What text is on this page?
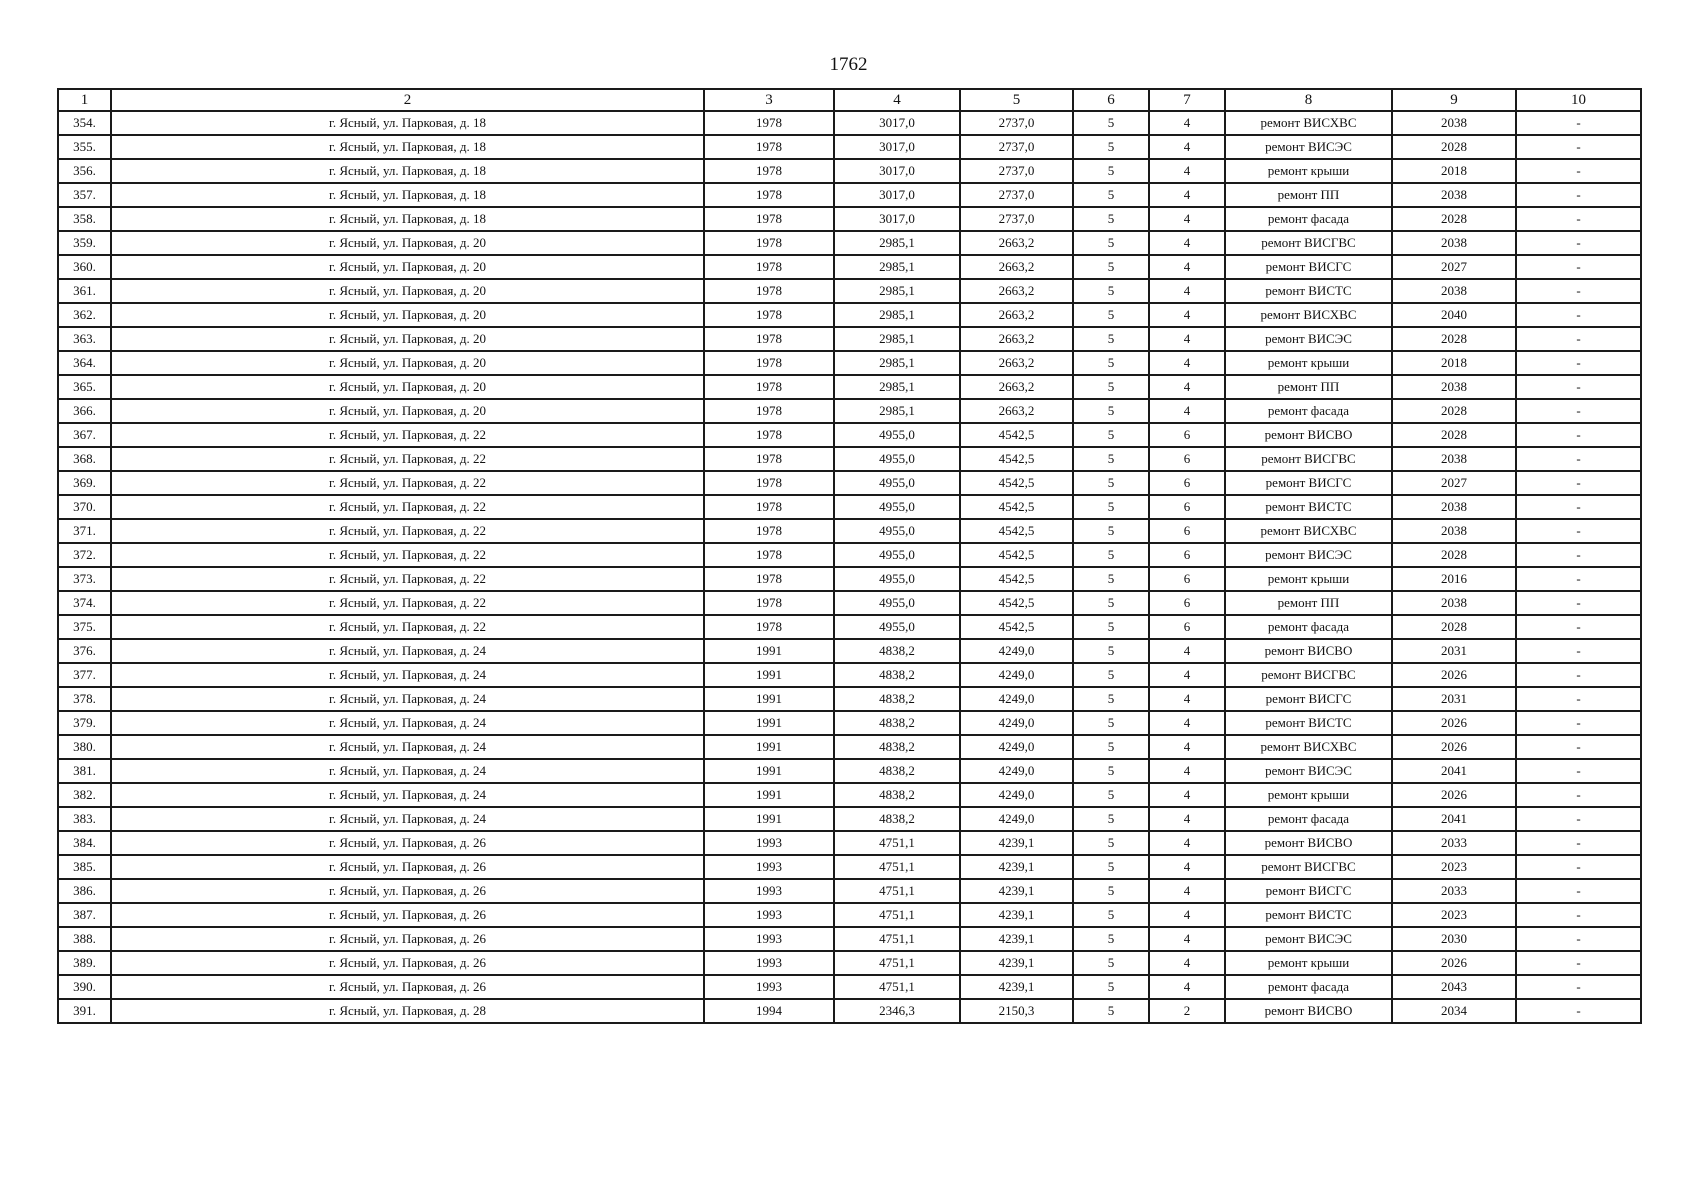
1762
1	2	3	4	5	6	7	8	9	10
354.	г. Ясный, ул. Парковая, д. 18	1978	3017,0	2737,0	5	4	ремонт ВИСХВС	2038	-
355.	г. Ясный, ул. Парковая, д. 18	1978	3017,0	2737,0	5	4	ремонт ВИСЭС	2028	-
356.	г. Ясный, ул. Парковая, д. 18	1978	3017,0	2737,0	5	4	ремонт крыши	2018	-
357.	г. Ясный, ул. Парковая, д. 18	1978	3017,0	2737,0	5	4	ремонт ПП	2038	-
358.	г. Ясный, ул. Парковая, д. 18	1978	3017,0	2737,0	5	4	ремонт фасада	2028	-
359.	г. Ясный, ул. Парковая, д. 20	1978	2985,1	2663,2	5	4	ремонт ВИСГВС	2038	-
360.	г. Ясный, ул. Парковая, д. 20	1978	2985,1	2663,2	5	4	ремонт ВИСГС	2027	-
361.	г. Ясный, ул. Парковая, д. 20	1978	2985,1	2663,2	5	4	ремонт ВИСТС	2038	-
362.	г. Ясный, ул. Парковая, д. 20	1978	2985,1	2663,2	5	4	ремонт ВИСХВС	2040	-
363.	г. Ясный, ул. Парковая, д. 20	1978	2985,1	2663,2	5	4	ремонт ВИСЭС	2028	-
364.	г. Ясный, ул. Парковая, д. 20	1978	2985,1	2663,2	5	4	ремонт крыши	2018	-
365.	г. Ясный, ул. Парковая, д. 20	1978	2985,1	2663,2	5	4	ремонт ПП	2038	-
366.	г. Ясный, ул. Парковая, д. 20	1978	2985,1	2663,2	5	4	ремонт фасада	2028	-
367.	г. Ясный, ул. Парковая, д. 22	1978	4955,0	4542,5	5	6	ремонт ВИСВО	2028	-
368.	г. Ясный, ул. Парковая, д. 22	1978	4955,0	4542,5	5	6	ремонт ВИСГВС	2038	-
369.	г. Ясный, ул. Парковая, д. 22	1978	4955,0	4542,5	5	6	ремонт ВИСГС	2027	-
370.	г. Ясный, ул. Парковая, д. 22	1978	4955,0	4542,5	5	6	ремонт ВИСТС	2038	-
371.	г. Ясный, ул. Парковая, д. 22	1978	4955,0	4542,5	5	6	ремонт ВИСХВС	2038	-
372.	г. Ясный, ул. Парковая, д. 22	1978	4955,0	4542,5	5	6	ремонт ВИСЭС	2028	-
373.	г. Ясный, ул. Парковая, д. 22	1978	4955,0	4542,5	5	6	ремонт крыши	2016	-
374.	г. Ясный, ул. Парковая, д. 22	1978	4955,0	4542,5	5	6	ремонт ПП	2038	-
375.	г. Ясный, ул. Парковая, д. 22	1978	4955,0	4542,5	5	6	ремонт фасада	2028	-
376.	г. Ясный, ул. Парковая, д. 24	1991	4838,2	4249,0	5	4	ремонт ВИСВО	2031	-
377.	г. Ясный, ул. Парковая, д. 24	1991	4838,2	4249,0	5	4	ремонт ВИСГВС	2026	-
378.	г. Ясный, ул. Парковая, д. 24	1991	4838,2	4249,0	5	4	ремонт ВИСГС	2031	-
379.	г. Ясный, ул. Парковая, д. 24	1991	4838,2	4249,0	5	4	ремонт ВИСТС	2026	-
380.	г. Ясный, ул. Парковая, д. 24	1991	4838,2	4249,0	5	4	ремонт ВИСХВС	2026	-
381.	г. Ясный, ул. Парковая, д. 24	1991	4838,2	4249,0	5	4	ремонт ВИСЭС	2041	-
382.	г. Ясный, ул. Парковая, д. 24	1991	4838,2	4249,0	5	4	ремонт крыши	2026	-
383.	г. Ясный, ул. Парковая, д. 24	1991	4838,2	4249,0	5	4	ремонт фасада	2041	-
384.	г. Ясный, ул. Парковая, д. 26	1993	4751,1	4239,1	5	4	ремонт ВИСВО	2033	-
385.	г. Ясный, ул. Парковая, д. 26	1993	4751,1	4239,1	5	4	ремонт ВИСГВС	2023	-
386.	г. Ясный, ул. Парковая, д. 26	1993	4751,1	4239,1	5	4	ремонт ВИСГС	2033	-
387.	г. Ясный, ул. Парковая, д. 26	1993	4751,1	4239,1	5	4	ремонт ВИСТС	2023	-
388.	г. Ясный, ул. Парковая, д. 26	1993	4751,1	4239,1	5	4	ремонт ВИСЭС	2030	-
389.	г. Ясный, ул. Парковая, д. 26	1993	4751,1	4239,1	5	4	ремонт крыши	2026	-
390.	г. Ясный, ул. Парковая, д. 26	1993	4751,1	4239,1	5	4	ремонт фасада	2043	-
391.	г. Ясный, ул. Парковая, д. 28	1994	2346,3	2150,3	5	2	ремонт ВИСВО	2034	-
